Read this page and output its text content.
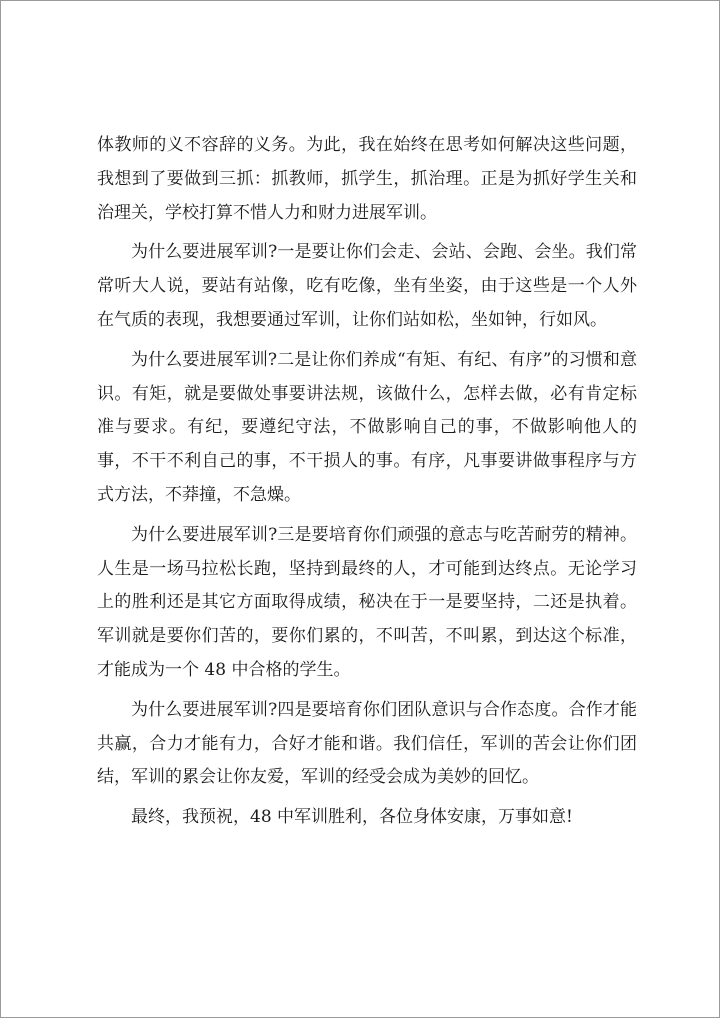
体教师的义不容辞的义务。为此，我在始终在思考如何解决这些问题，我想到了要做到三抓：抓教师，抓学生，抓治理。正是为抓好学生关和治理关，学校打算不惜人力和财力进展军训。

为什么要进展军训?一是要让你们会走、会站、会跑、会坐。我们常常听大人说，要站有站像，吃有吃像，坐有坐姿，由于这些是一个人外在气质的表现，我想要通过军训，让你们站如松，坐如钟，行如风。

为什么要进展军训?二是让你们养成“有矩、有纪、有序”的习惯和意识。有矩，就是要做处事要讲法规，该做什么，怎样去做，必有肯定标准与要求。有纪，要遵纪守法，不做影响自己的事，不做影响他人的事，不干不利自己的事，不干损人的事。有序，凡事要讲做事程序与方式方法，不莽撞，不急燥。

为什么要进展军训?三是要培育你们顽强的意志与吃苦耐劳的精神。人生是一场马拉松长跑，坚持到最终的人，才可能到达终点。无论学习上的胜利还是其它方面取得成绩，秘决在于一是要坚持，二还是执着。军训就是要你们苦的，要你们累的，不叫苦，不叫累，到达这个标准，才能成为一个 48 中合格的学生。

为什么要进展军训?四是要培育你们团队意识与合作态度。合作才能共赢，合力才能有力，合好才能和谐。我们信任，军训的苦会让你们团结，军训的累会让你友爱，军训的经受会成为美妙的回忆。

最终，我预祝，48 中军训胜利，各位身体安康，万事如意!
